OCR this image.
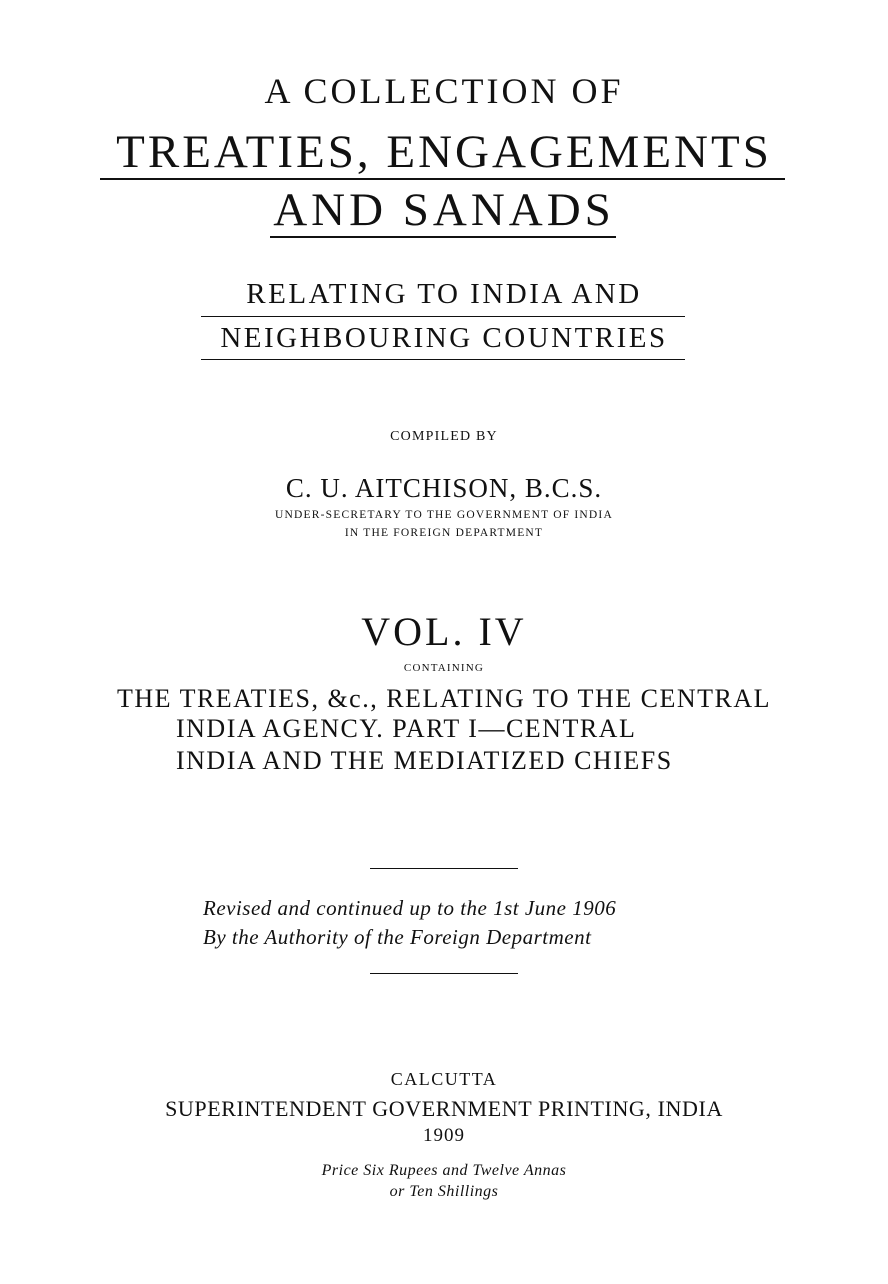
A COLLECTION OF
TREATIES, ENGAGEMENTS
AND SANADS
RELATING TO INDIA AND
NEIGHBOURING COUNTRIES
COMPILED BY
C. U. AITCHISON, B.C.S.
UNDER-SECRETARY TO THE GOVERNMENT OF INDIA
IN THE FOREIGN DEPARTMENT
VOL. IV
CONTAINING
THE TREATIES, &c., RELATING TO THE CENTRAL
INDIA AGENCY. PART I—CENTRAL
INDIA AND THE MEDIATIZED CHIEFS
Revised and continued up to the 1st June 1906
By the Authority of the Foreign Department
CALCUTTA
SUPERINTENDENT GOVERNMENT PRINTING, INDIA
1909
Price Six Rupees and Twelve Annas
or Ten Shillings
